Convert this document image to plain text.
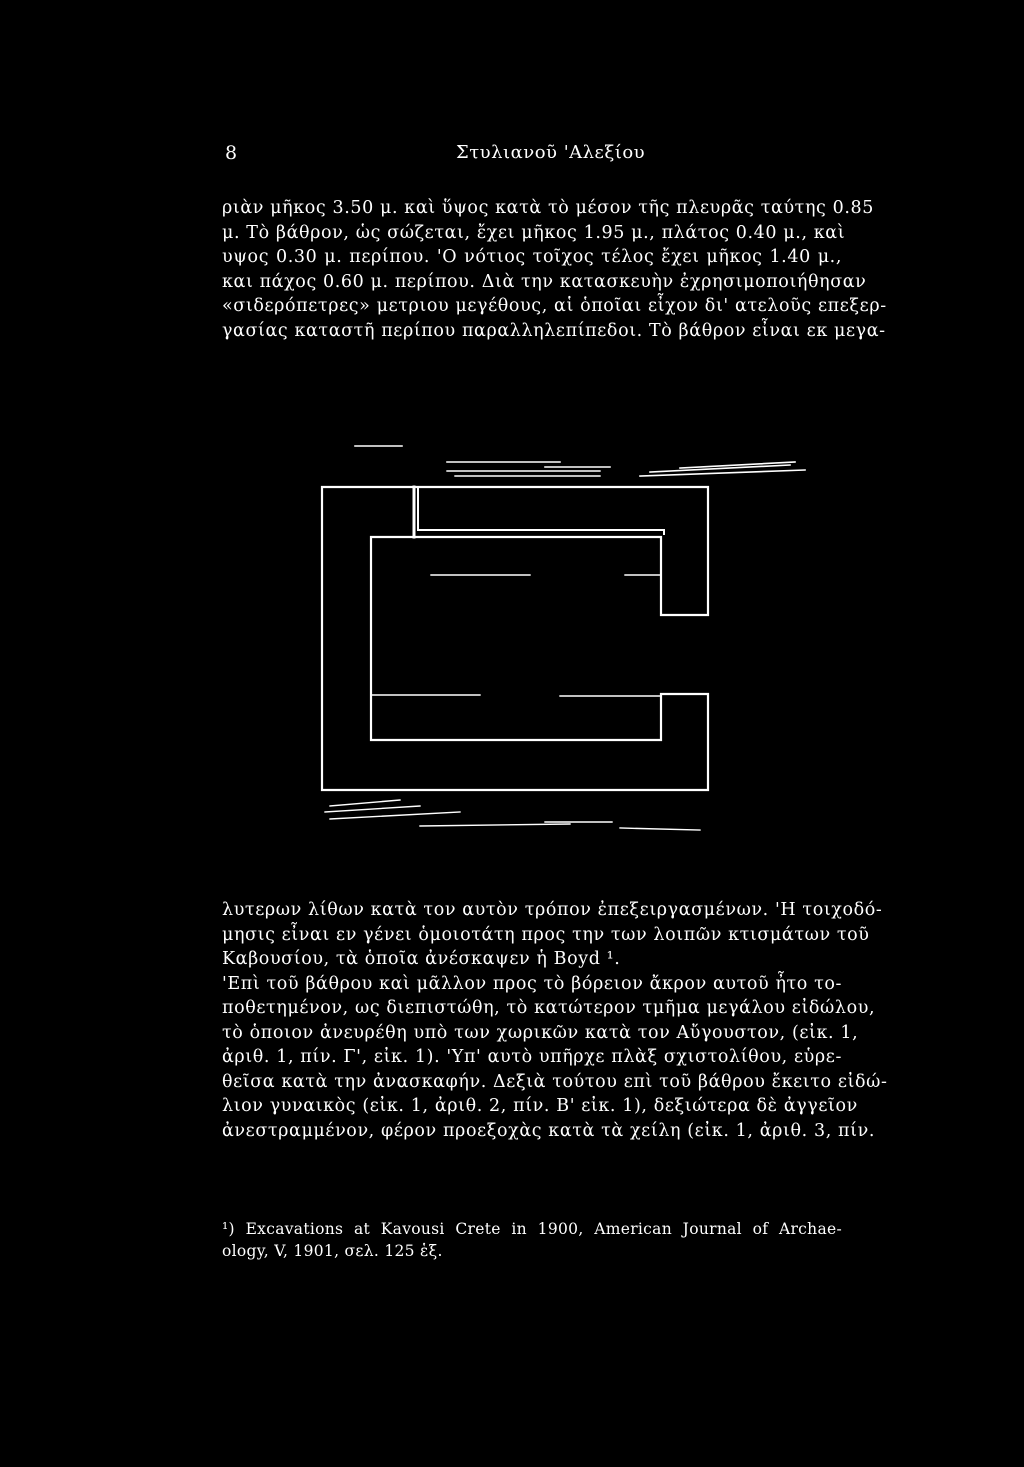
8	Στυλιανοῦ 'Αλεξίου
ριὰν μῆκος 3.50 μ. καὶ ὕψος κατὰ τὸ μέσον τῆς πλευρᾶς ταύτης 0.85
μ. Τὸ βάθρον, ὡς σώζεται, ἔχει μῆκος 1.95 μ., πλάτος 0.40 μ., καὶ
υψος 0.30 μ. περίπου. 'Ο νότιος τοῖχος τέλος ἔχει μῆκος 1.40 μ.,
και πάχος 0.60 μ. περίπου. Διὰ την κατασκευὴν ἐχρησιμοποιήθησαν
«σιδερόπετρες» μετριου μεγέθους, αἱ ὁποῖαι εἶχον δι' ατελοῦς επεξερ-
γασίας καταστῆ περίπου παραλληλεπίπεδοι. Τὸ βάθρον εἶναι εκ μεγα-
λυτερων λίθων κατὰ τον αυτὸν τρόπον ἐπεξειργασμένων. 'Η τοιχοδό-
μησις εἶναι εν γένει ὁμοιοτάτη προς την των λοιπῶν κτισμάτων τοῦ
Καβουσίου, τὰ ὁποῖα ἀνέσκαψεν ἡ Boyd ¹.
'Επὶ τοῦ βάθρου καὶ μᾶλλον προς τὸ βόρειον ἄκρον αυτοῦ ἦτο το-
ποθετημένον, ως διεπιστώθη, τὸ κατώτερον τμῆμα μεγάλου εἰδώλου,
τὸ ὁποιον ἀνευρέθη υπὸ των χωρικῶν κατὰ τον Αὔγουστον, (εἰκ. 1,
ἀριθ. 1, πίν. Γ', εἰκ. 1). 'Υπ' αυτὸ υπῆρχε πλὰξ σχιστολίθου, εὑρε-
θεῖσα κατὰ την ἀνασκαφήν. Δεξιὰ τούτου επὶ τοῦ βάθρου ἔκειτο εἰδώ-
λιον γυναικὸς (εἰκ. 1, ἀριθ. 2, πίν. Β' εἰκ. 1), δεξιώτερα δὲ ἀγγεῖον
ἀνεστραμμένον, φέρον προεξοχὰς κατὰ τὰ χείλη (εἰκ. 1, ἀριθ. 3, πίν.
¹) Excavations at Kavousi Crete in 1900, American Journal of Archae-
ology, V, 1901, σελ. 125 ἑξ.
